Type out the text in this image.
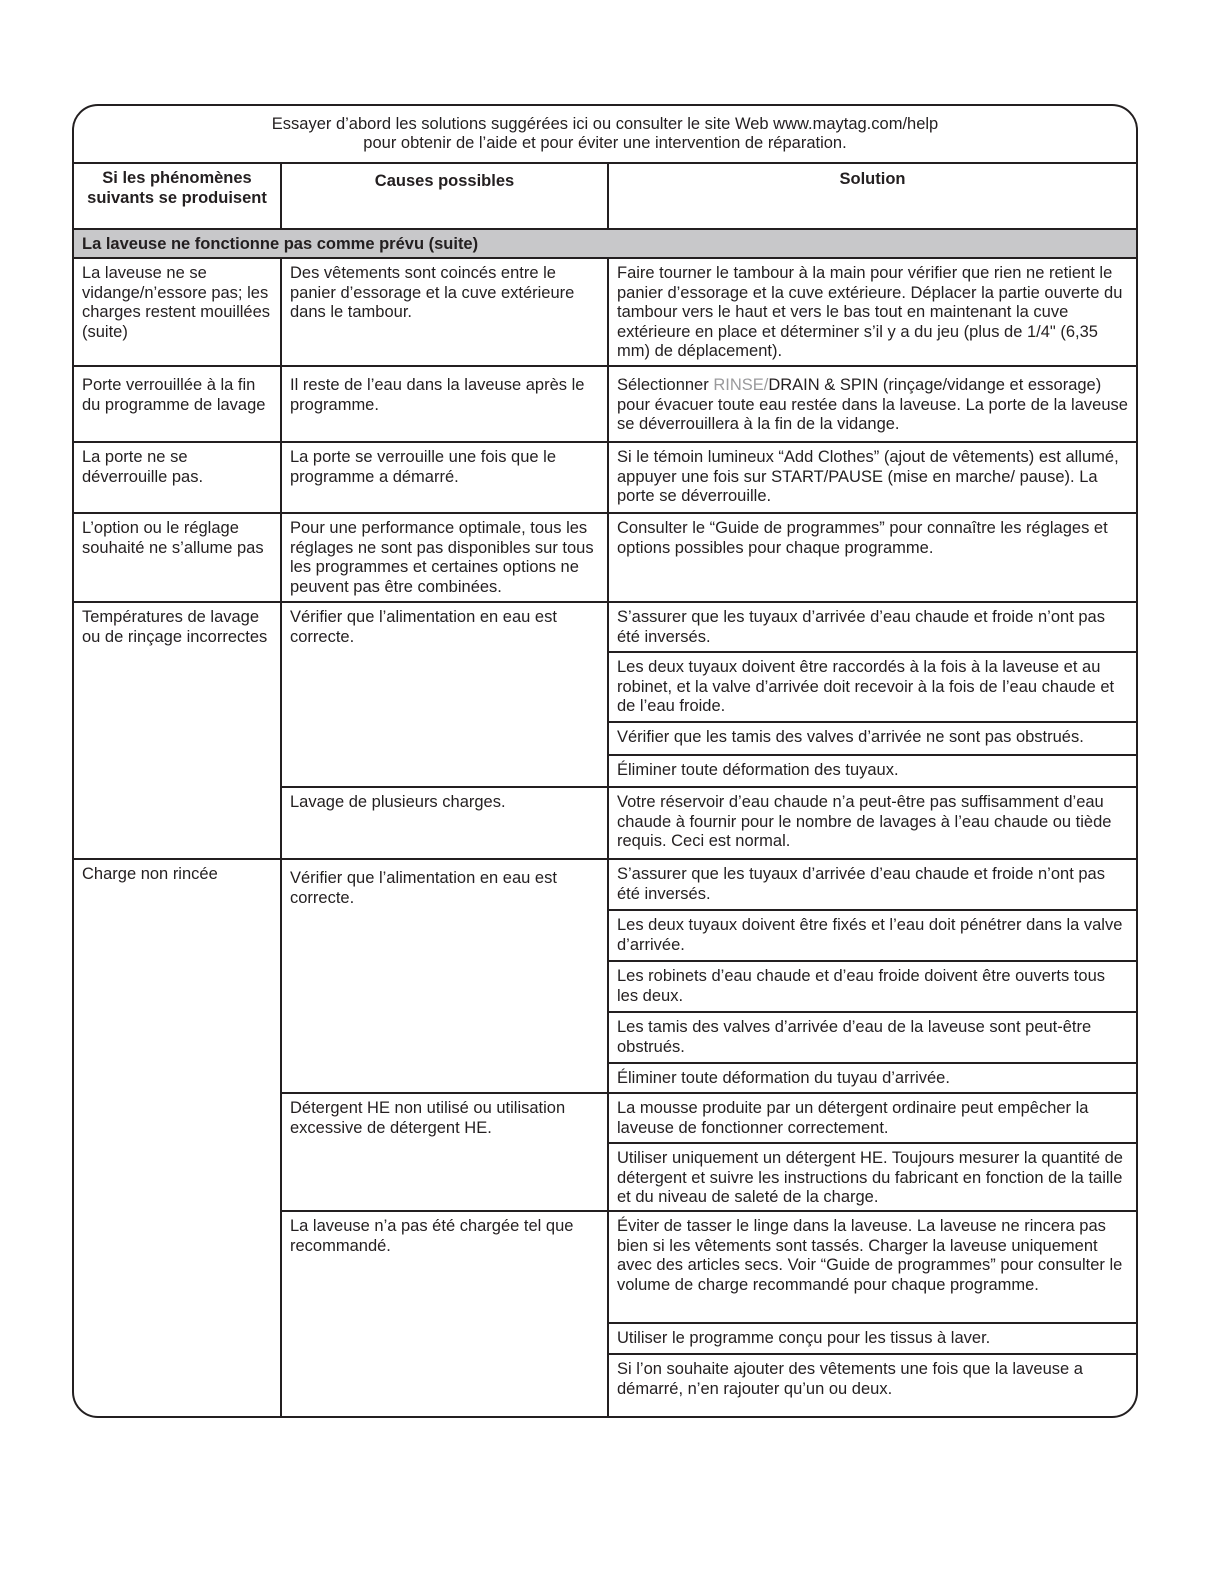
Essayer d’abord les solutions suggérées ici ou consulter le site Web www.maytag.com/help
pour obtenir de l’aide et pour éviter une intervention de réparation.
Si les phénomènes suivants se produisent	Causes possibles	Solution
La laveuse ne fonctionne pas comme prévu (suite)		
La laveuse ne se vidange/n’essore pas; les charges restent mouillées (suite)	Des vêtements sont coincés entre le panier d’essorage et la cuve extérieure dans le tambour.	Faire tourner le tambour à la main pour vérifier que rien ne retient le panier d’essorage et la cuve extérieure. Déplacer la partie ouverte du tambour vers le haut et vers le bas tout en maintenant la cuve extérieure en place et déterminer s’il y a du jeu (plus de 1/4" (6,35 mm) de déplacement).
Porte verrouillée à la fin du programme de lavage	Il reste de l’eau dans la laveuse après le programme.	Sélectionner RINSE/DRAIN & SPIN (rinçage/vidange et essorage) pour évacuer toute eau restée dans la laveuse. La porte de la laveuse se déverrouillera à la fin de la vidange.
La porte ne se déverrouille pas.	La porte se verrouille une fois que le programme a démarré.	Si le témoin lumineux “Add Clothes” (ajout de vêtements) est allumé, appuyer une fois sur START/PAUSE (mise en marche/ pause). La porte se déverrouille.
L’option ou le réglage souhaité ne s’allume pas	Pour une performance optimale, tous les réglages ne sont pas disponibles sur tous les programmes et certaines options ne peuvent pas être combinées.	Consulter le “Guide de programmes” pour connaître les réglages et options possibles pour chaque programme.
Températures de lavage ou de rinçage incorrectes	Vérifier que l’alimentation en eau est correcte.	S’assurer que les tuyaux d’arrivée d’eau chaude et froide n’ont pas été inversés.
		Les deux tuyaux doivent être raccordés à la fois à la laveuse et au robinet, et la valve d’arrivée doit recevoir à la fois de l’eau chaude et de l’eau froide.
		Vérifier que les tamis des valves d’arrivée ne sont pas obstrués.
		Éliminer toute déformation des tuyaux.
	Lavage de plusieurs charges.	Votre réservoir d’eau chaude n’a peut-être pas suffisamment d’eau chaude à fournir pour le nombre de lavages à l’eau chaude ou tiède requis. Ceci est normal.
Charge non rincée	Vérifier que l’alimentation en eau est correcte.	S’assurer que les tuyaux d’arrivée d’eau chaude et froide n’ont pas été inversés.
		Les deux tuyaux doivent être fixés et l’eau doit pénétrer dans la valve d’arrivée.
		Les robinets d’eau chaude et d’eau froide doivent être ouverts tous les deux.
		Les tamis des valves d’arrivée d’eau de la laveuse sont peut-être obstrués.
		Éliminer toute déformation du tuyau d’arrivée.
	Détergent HE non utilisé ou utilisation excessive de détergent HE.	La mousse produite par un détergent ordinaire peut empêcher la laveuse de fonctionner correctement.
		Utiliser uniquement un détergent HE. Toujours mesurer la quantité de détergent et suivre les instructions du fabricant en fonction de la taille et du niveau de saleté de la charge.
	La laveuse n’a pas été chargée tel que recommandé.	Éviter de tasser le linge dans la laveuse. La laveuse ne rincera pas bien si les vêtements sont tassés. Charger la laveuse uniquement avec des articles secs. Voir “Guide de programmes” pour consulter le volume de charge recommandé pour chaque programme.
		Utiliser le programme conçu pour les tissus à laver.
		Si l’on souhaite ajouter des vêtements une fois que la laveuse a démarré, n’en rajouter qu’un ou deux.
